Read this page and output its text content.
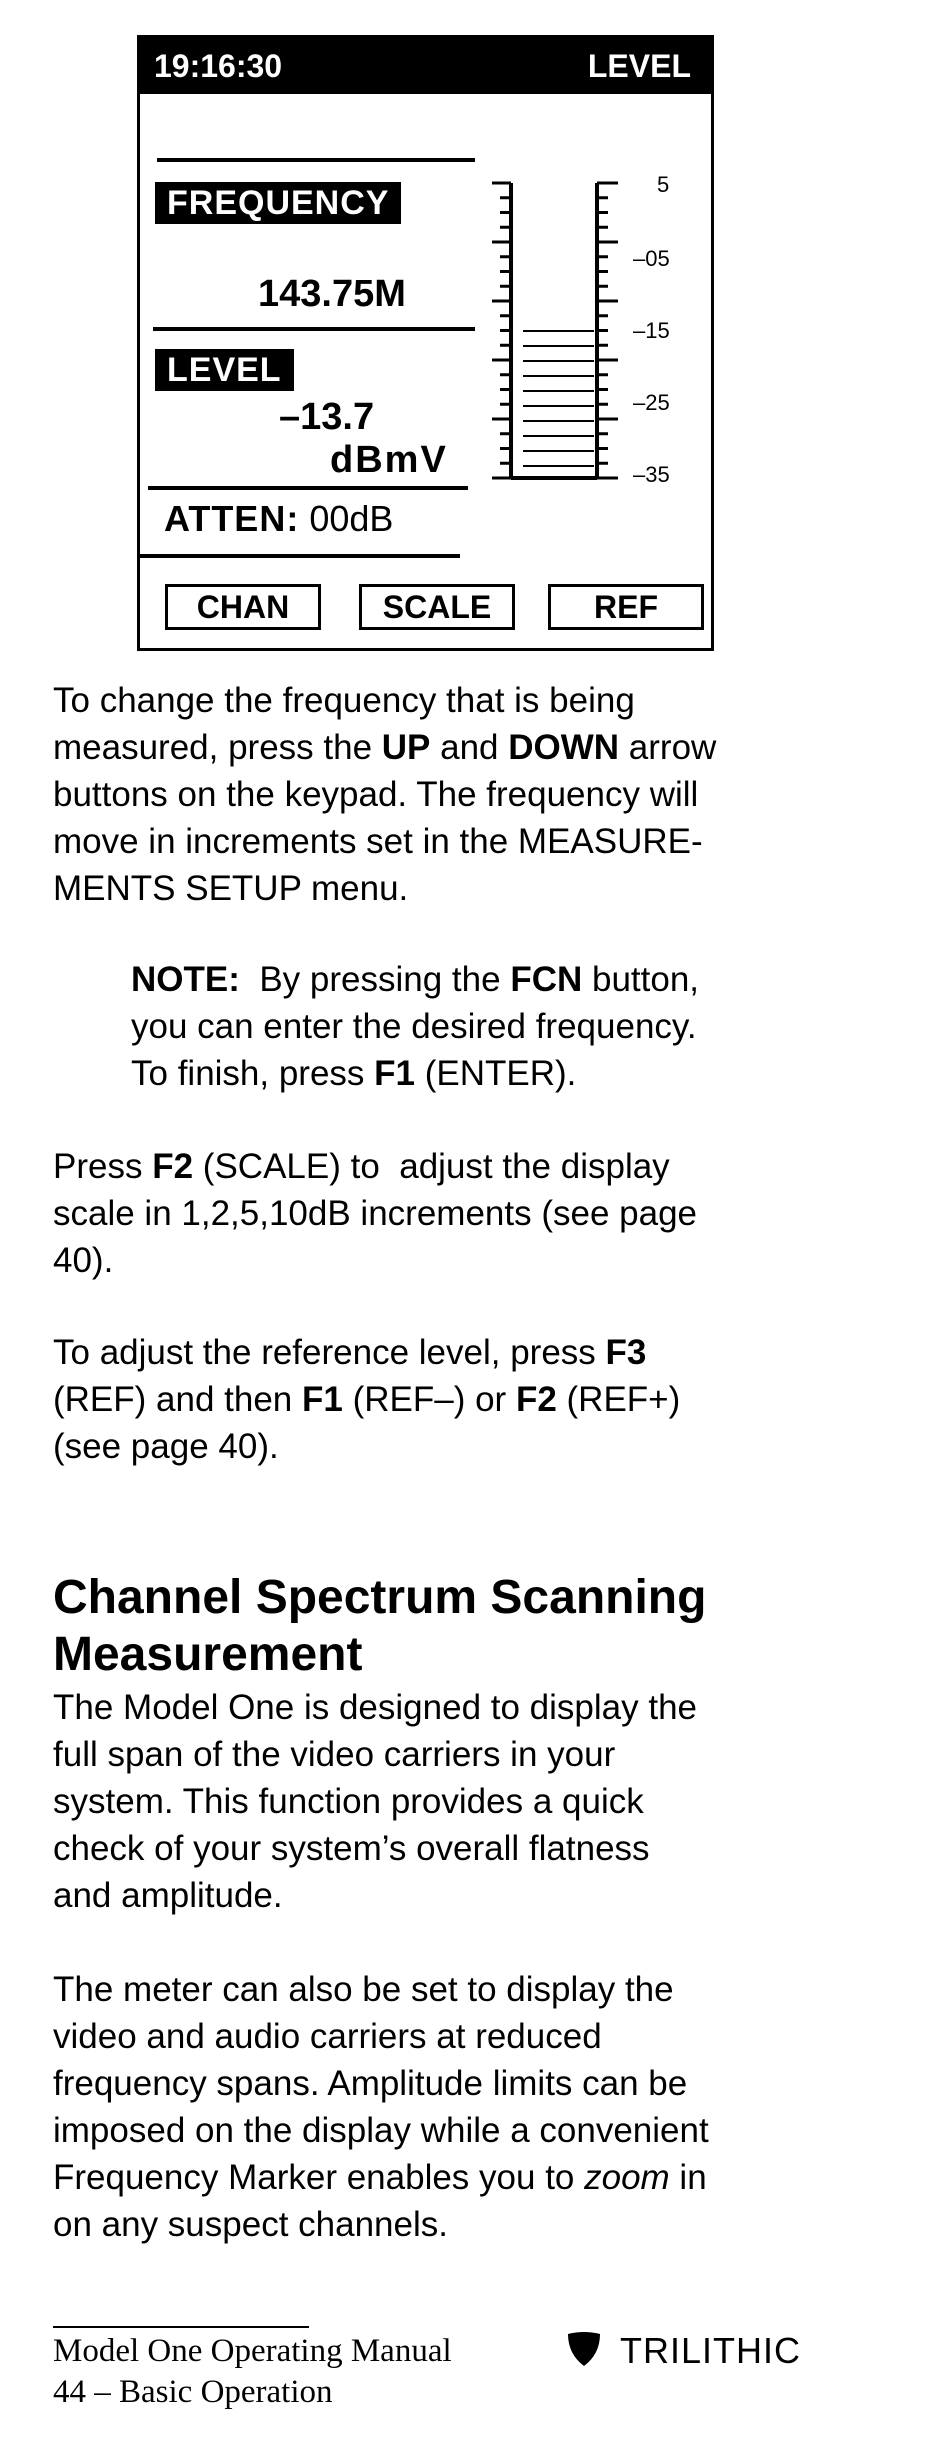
19:16:30	LEVEL
FREQUENCY
143.75M
LEVEL
–13.7
dBmV
ATTEN: 00dB
5
–05
–15
–25
–35
CHAN	SCALE	REF

To change the frequency that is being
measured, press the UP and DOWN arrow
buttons on the keypad. The frequency will
move in increments set in the MEASURE-
MENTS SETUP menu.

NOTE:  By pressing the FCN button,
you can enter the desired frequency.
To finish, press F1 (ENTER).

Press F2 (SCALE) to  adjust the display
scale in 1,2,5,10dB increments (see page
40).

To adjust the reference level, press F3
(REF) and then F1 (REF–) or F2 (REF+)
(see page 40).

Channel Spectrum Scanning
Measurement

The Model One is designed to display the
full span of the video carriers in your
system. This function provides a quick
check of your system’s overall flatness
and amplitude.

The meter can also be set to display the
video and audio carriers at reduced
frequency spans. Amplitude limits can be
imposed on the display while a convenient
Frequency Marker enables you to zoom in
on any suspect channels.

Model One Operating Manual
44 – Basic Operation
TRILITHIC
